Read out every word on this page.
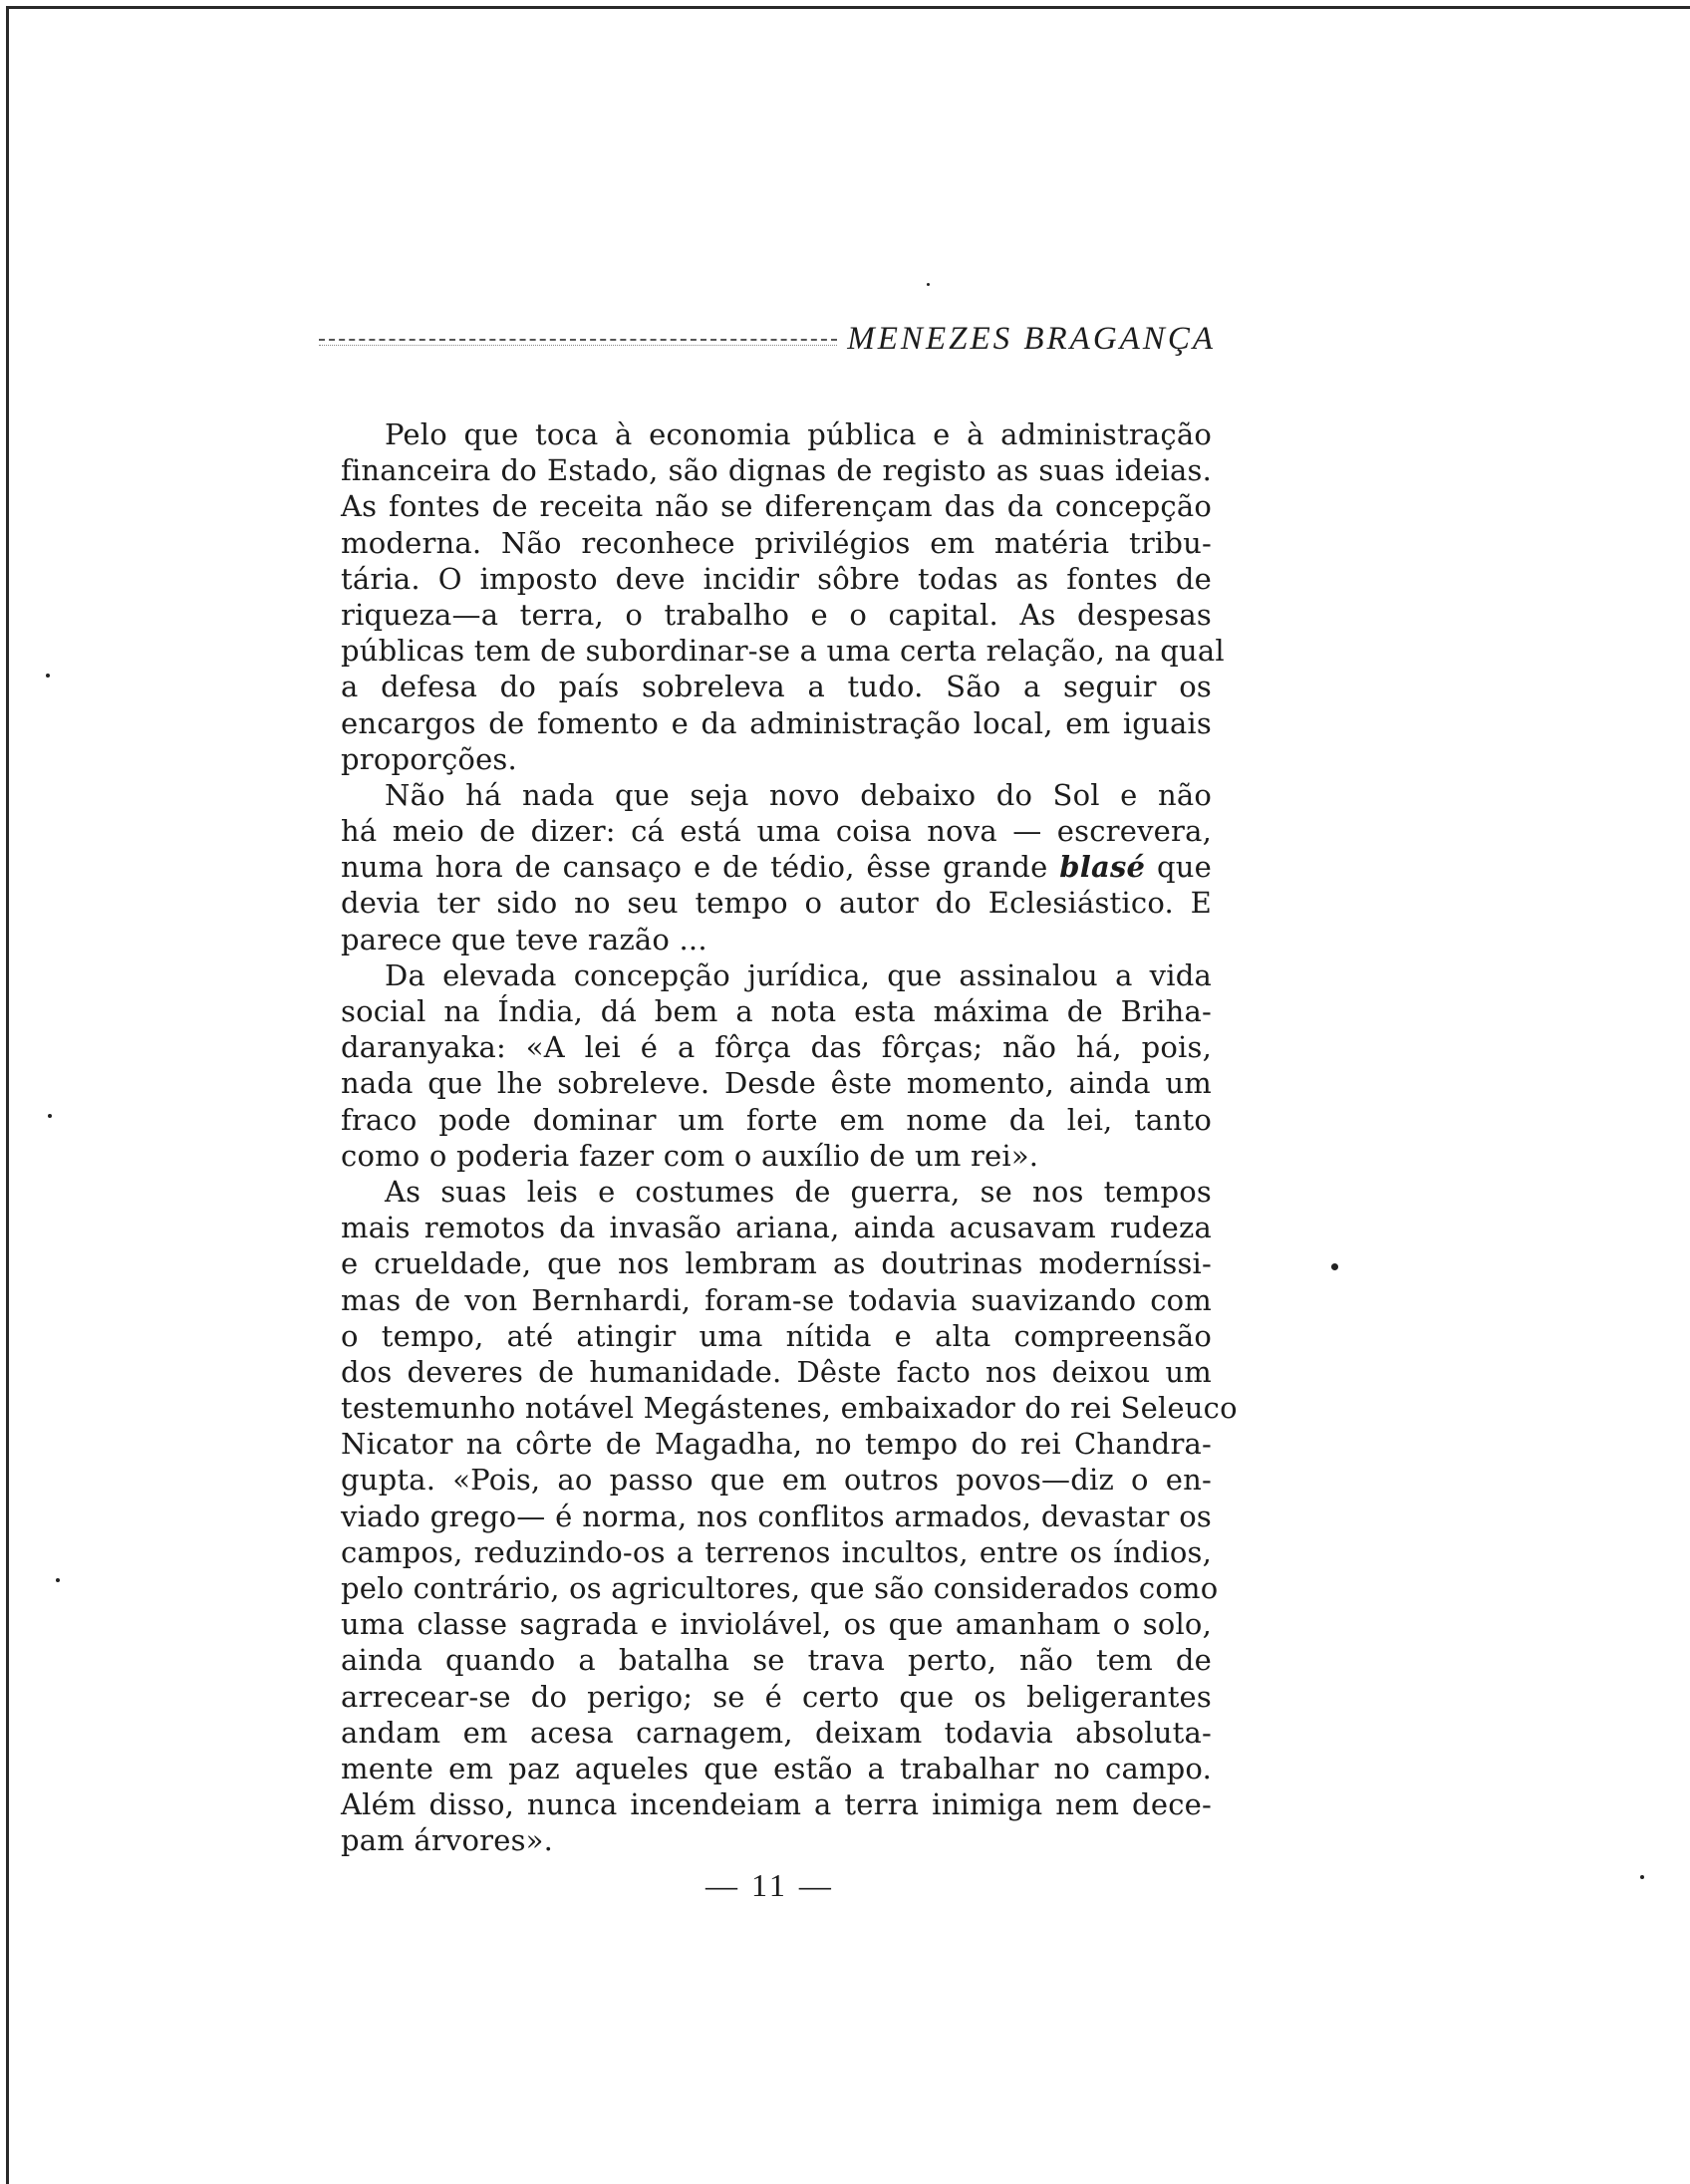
MENEZES BRAGANÇA
Pelo que toca à economia pública e à administração
financeira do Estado, são dignas de registo as suas ideias.
As fontes de receita não se diferençam das da concepção
moderna. Não reconhece privilégios em matéria tribu-
tária. O imposto deve incidir sôbre todas as fontes de
riqueza—a terra, o trabalho e o capital. As despesas
públicas tem de subordinar-se a uma certa relação, na qual
a defesa do país sobreleva a tudo. São a seguir os
encargos de fomento e da administração local, em iguais
proporções.
Não há nada que seja novo debaixo do Sol e não
há meio de dizer: cá está uma coisa nova — escrevera,
numa hora de cansaço e de tédio, êsse grande blasé que
devia ter sido no seu tempo o autor do Eclesiástico. E
parece que teve razão ...
Da elevada concepção jurídica, que assinalou a vida
social na Índia, dá bem a nota esta máxima de Briha-
daranyaka: «A lei é a fôrça das fôrças; não há, pois,
nada que lhe sobreleve. Desde êste momento, ainda um
fraco pode dominar um forte em nome da lei, tanto
como o poderia fazer com o auxílio de um rei».
As suas leis e costumes de guerra, se nos tempos
mais remotos da invasão ariana, ainda acusavam rudeza
e crueldade, que nos lembram as doutrinas moderníssi-
mas de von Bernhardi, foram-se todavia suavizando com
o tempo, até atingir uma nítida e alta compreensão
dos deveres de humanidade. Dêste facto nos deixou um
testemunho notável Megástenes, embaixador do rei Seleuco
Nicator na côrte de Magadha, no tempo do rei Chandra-
gupta. «Pois, ao passo que em outros povos—diz o en-
viado grego— é norma, nos conflitos armados, devastar os
campos, reduzindo-os a terrenos incultos, entre os índios,
pelo contrário, os agricultores, que são considerados como
uma classe sagrada e inviolável, os que amanham o solo,
ainda quando a batalha se trava perto, não tem de
arrecear-se do perigo; se é certo que os beligerantes
andam em acesa carnagem, deixam todavia absoluta-
mente em paz aqueles que estão a trabalhar no campo.
Além disso, nunca incendeiam a terra inimiga nem dece-
pam árvores».
— 11 —
